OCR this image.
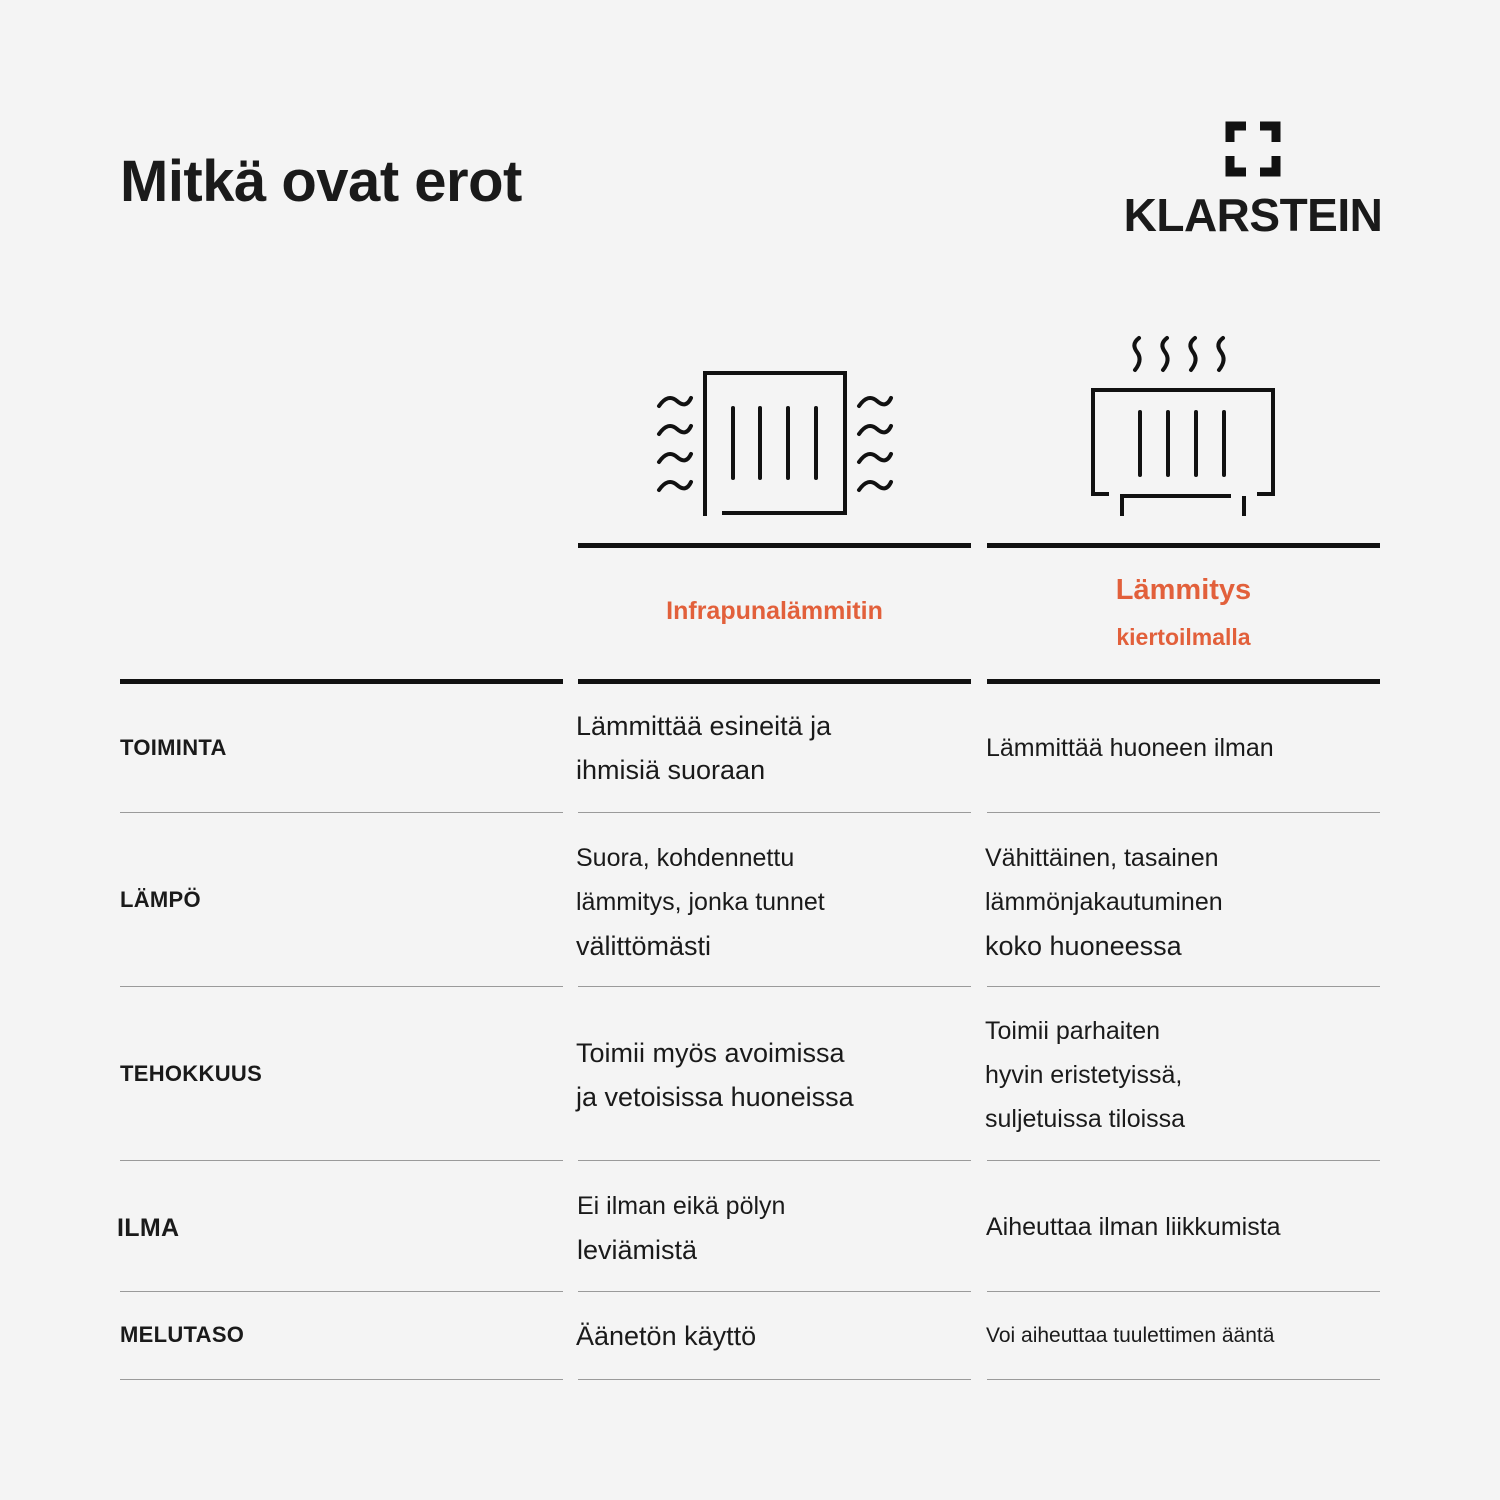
Mitkä ovat erot
KLARSTEIN
Infrapunalämmitin
Lämmitys
kiertoilmalla
TOIMINTA
Lämmittää esineitä ja
ihmisiä suoraan
Lämmittää huoneen ilman
LÄMPÖ
Suora, kohdennettu
lämmitys, jonka tunnet
välittömästi
Vähittäinen, tasainen
lämmönjakautuminen
koko huoneessa
TEHOKKUUS
Toimii myös avoimissa
ja vetoisissa huoneissa
Toimii parhaiten
hyvin eristetyissä,
suljetuissa tiloissa
ILMA
Ei ilman eikä pölyn
leviämistä
Aiheuttaa ilman liikkumista
MELUTASO	Äänetön käyttö	Voi aiheuttaa tuulettimen ääntä
